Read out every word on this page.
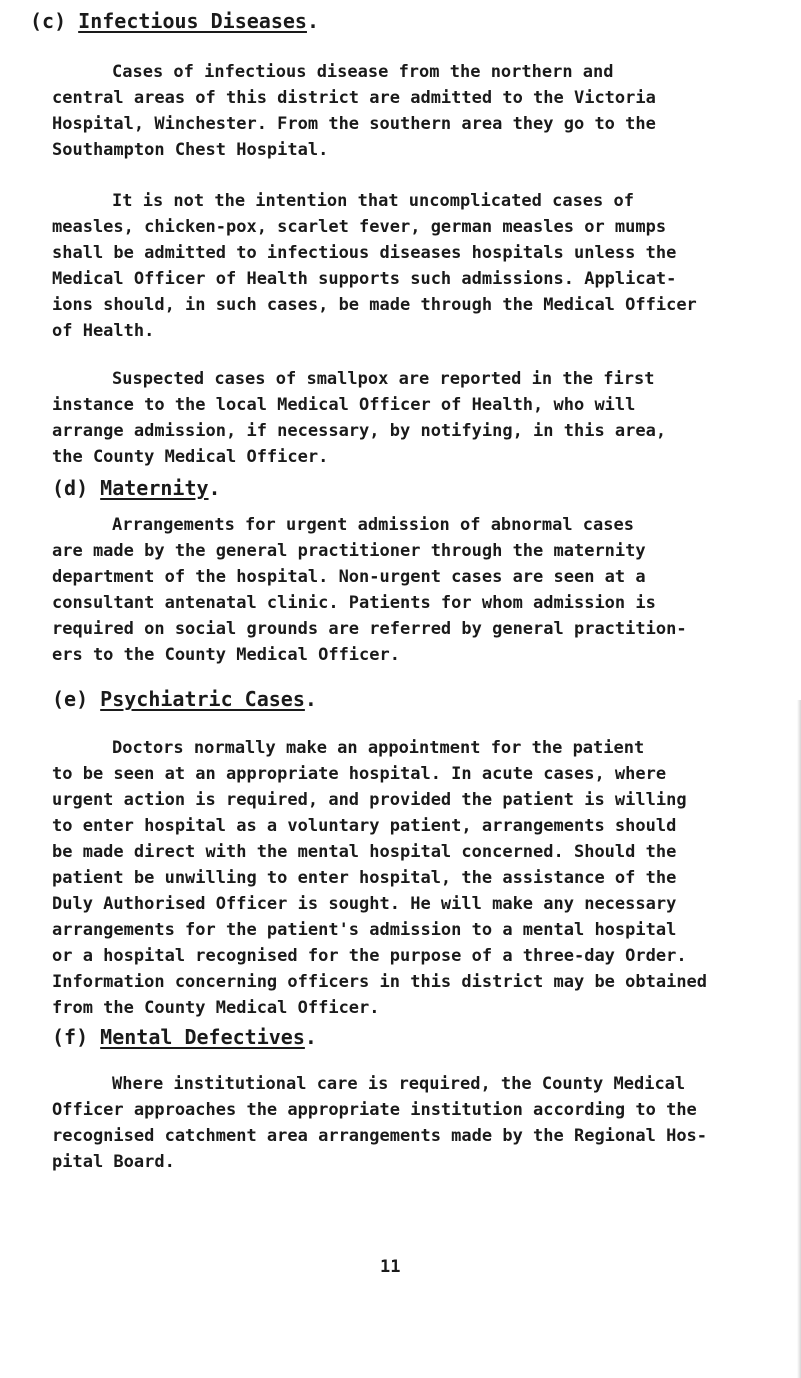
(c) Infectious Diseases.
Cases of infectious disease from the northern and
central areas of this district are admitted to the Victoria
Hospital, Winchester. From the southern area they go to the
Southampton Chest Hospital.
It is not the intention that uncomplicated cases of
measles, chicken-pox, scarlet fever, german measles or mumps
shall be admitted to infectious diseases hospitals unless the
Medical Officer of Health supports such admissions. Applicat-
ions should, in such cases, be made through the Medical Officer
of Health.
Suspected cases of smallpox are reported in the first
instance to the local Medical Officer of Health, who will
arrange admission, if necessary, by notifying, in this area,
the County Medical Officer.
(d) Maternity.
Arrangements for urgent admission of abnormal cases
are made by the general practitioner through the maternity
department of the hospital. Non-urgent cases are seen at a
consultant antenatal clinic. Patients for whom admission is
required on social grounds are referred by general practition-
ers to the County Medical Officer.
(e) Psychiatric Cases.
Doctors normally make an appointment for the patient
to be seen at an appropriate hospital. In acute cases, where
urgent action is required, and provided the patient is willing
to enter hospital as a voluntary patient, arrangements should
be made direct with the mental hospital concerned. Should the
patient be unwilling to enter hospital, the assistance of the
Duly Authorised Officer is sought. He will make any necessary
arrangements for the patient's admission to a mental hospital
or a hospital recognised for the purpose of a three-day Order.
Information concerning officers in this district may be obtained
from the County Medical Officer.
(f) Mental Defectives.
Where institutional care is required, the County Medical
Officer approaches the appropriate institution according to the
recognised catchment area arrangements made by the Regional Hos-
pital Board.
11
